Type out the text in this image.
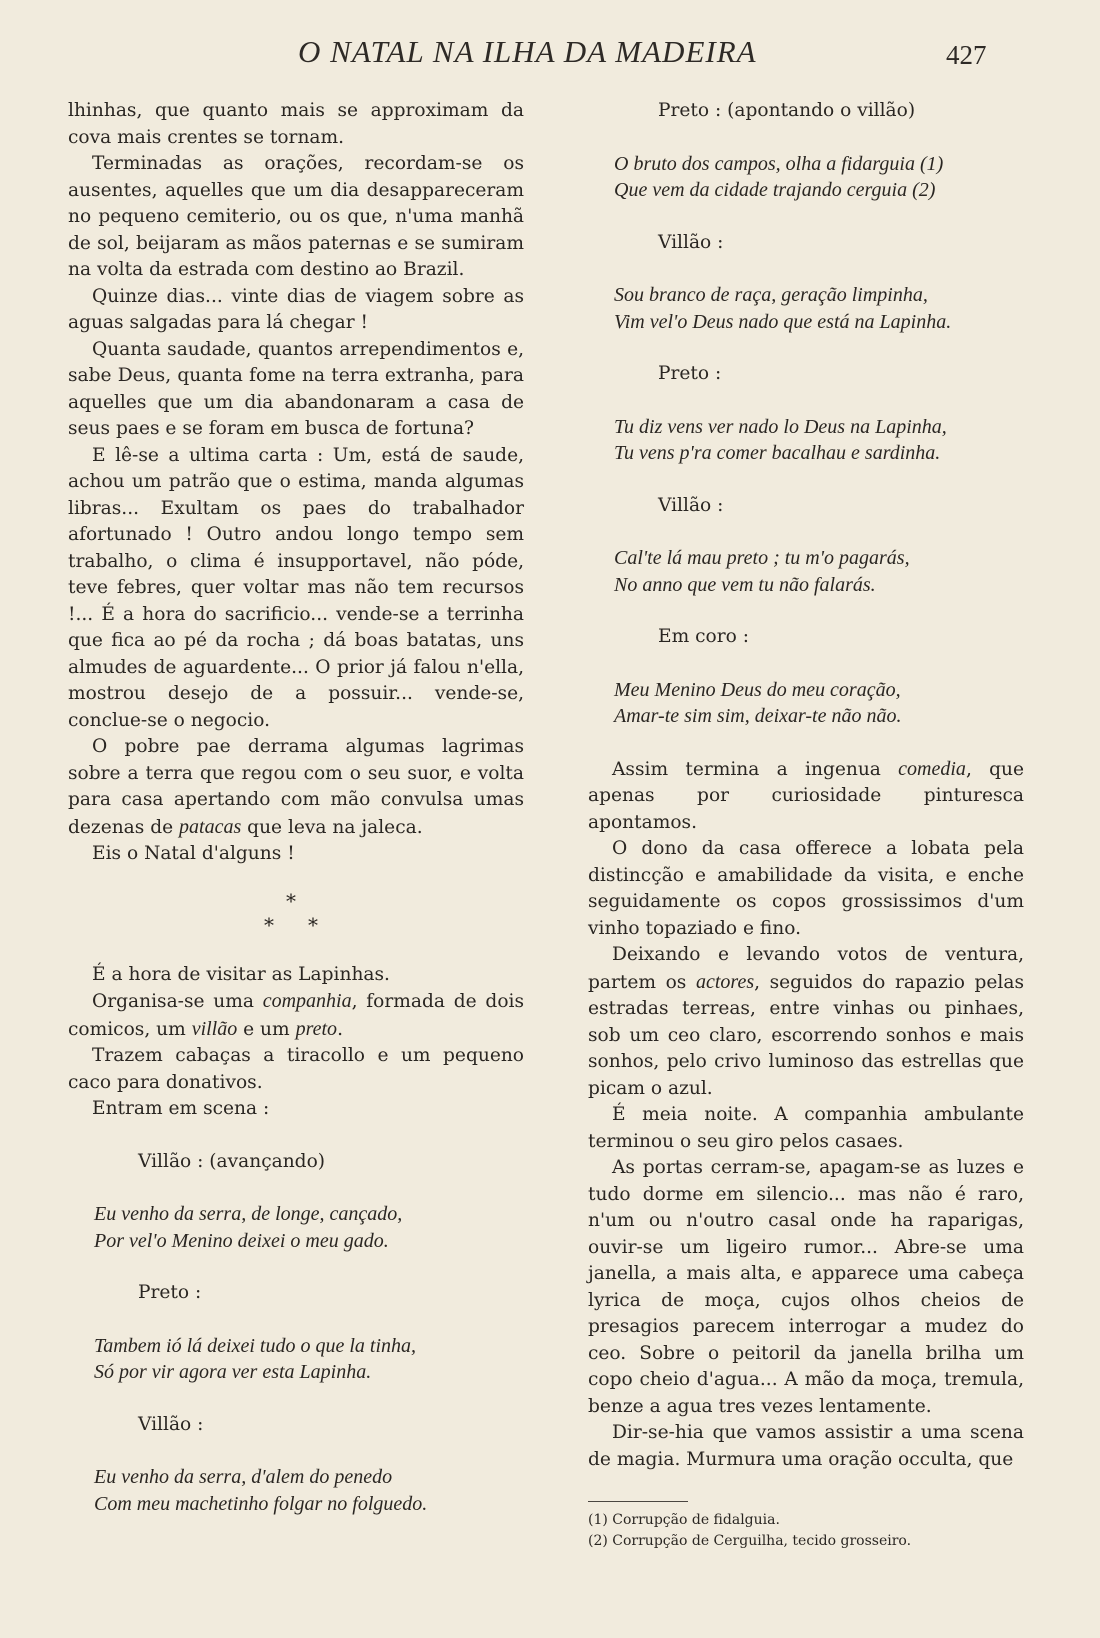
O NATAL NA ILHA DA MADEIRA	427

lhinhas, que quanto mais se approximam da cova mais crentes se tornam.

Terminadas as orações, recordam-se os ausentes, aquelles que um dia desappareceram no pequeno cemiterio, ou os que, n'uma manhã de sol, beijaram as mãos paternas e se sumiram na volta da estrada com destino ao Brazil.

Quinze dias... vinte dias de viagem sobre as aguas salgadas para lá chegar !

Quanta saudade, quantos arrependimentos e, sabe Deus, quanta fome na terra extranha, para aquelles que um dia abandonaram a casa de seus paes e se foram em busca de fortuna?

E lê-se a ultima carta : Um, está de saude, achou um patrão que o estima, manda algumas libras... Exultam os paes do trabalhador afortunado ! Outro andou longo tempo sem trabalho, o clima é insupportavel, não póde, teve febres, quer voltar mas não tem recursos !... É a hora do sacrificio... vende-se a terrinha que fica ao pé da rocha ; dá boas batatas, uns almudes de aguardente... O prior já falou n'ella, mostrou desejo de a possuir... vende-se, conclue-se o negocio.

O pobre pae derrama algumas lagrimas sobre a terra que regou com o seu suor, e volta para casa apertando com mão convulsa umas dezenas de patacas que leva na jaleca.

Eis o Natal d'alguns !

*
* *

É a hora de visitar as Lapinhas.

Organisa-se uma companhia, formada de dois comicos, um villão e um preto.

Trazem cabaças a tiracollo e um pequeno caco para donativos.

Entram em scena :

Villão : (avançando)

Eu venho da serra, de longe, cançado,

Por vel'o Menino deixei o meu gado.

Preto :

Tambem ió lá deixei tudo o que la tinha,

Só por vir agora ver esta Lapinha.

Villão :

Eu venho da serra, d'alem do penedo

Com meu machetinho folgar no folguedo.

Preto : (apontando o villão)

O bruto dos campos, olha a fidarguia (1)

Que vem da cidade trajando cerguia (2)

Villão :

Sou branco de raça, geração limpinha,

Vim vel'o Deus nado que está na Lapinha.

Preto :

Tu diz vens ver nado lo Deus na Lapinha,

Tu vens p'ra comer bacalhau e sardinha.

Villão :

Cal'te lá mau preto ; tu m'o pagarás,

No anno que vem tu não falarás.

Em coro :

Meu Menino Deus do meu coração,

Amar-te sim sim, deixar-te não não.

Assim termina a ingenua comedia, que apenas por curiosidade pinturesca apontamos.

O dono da casa offerece a lobata pela distincção e amabilidade da visita, e enche seguidamente os copos grossissimos d'um vinho topaziado e fino.

Deixando e levando votos de ventura, partem os actores, seguidos do rapazio pelas estradas terreas, entre vinhas ou pinhaes, sob um ceo claro, escorrendo sonhos e mais sonhos, pelo crivo luminoso das estrellas que picam o azul.

É meia noite. A companhia ambulante terminou o seu giro pelos casaes.

As portas cerram-se, apagam-se as luzes e tudo dorme em silencio... mas não é raro, n'um ou n'outro casal onde ha raparigas, ouvir-se um ligeiro rumor... Abre-se uma janella, a mais alta, e apparece uma cabeça lyrica de moça, cujos olhos cheios de presagios parecem interrogar a mudez do ceo. Sobre o peitoril da janella brilha um copo cheio d'agua... A mão da moça, tremula, benze a agua tres vezes lentamente.

Dir-se-hia que vamos assistir a uma scena de magia. Murmura uma oração occulta, que

(1) Corrupção de fidalguia.

(2) Corrupção de Cerguilha, tecido grosseiro.
